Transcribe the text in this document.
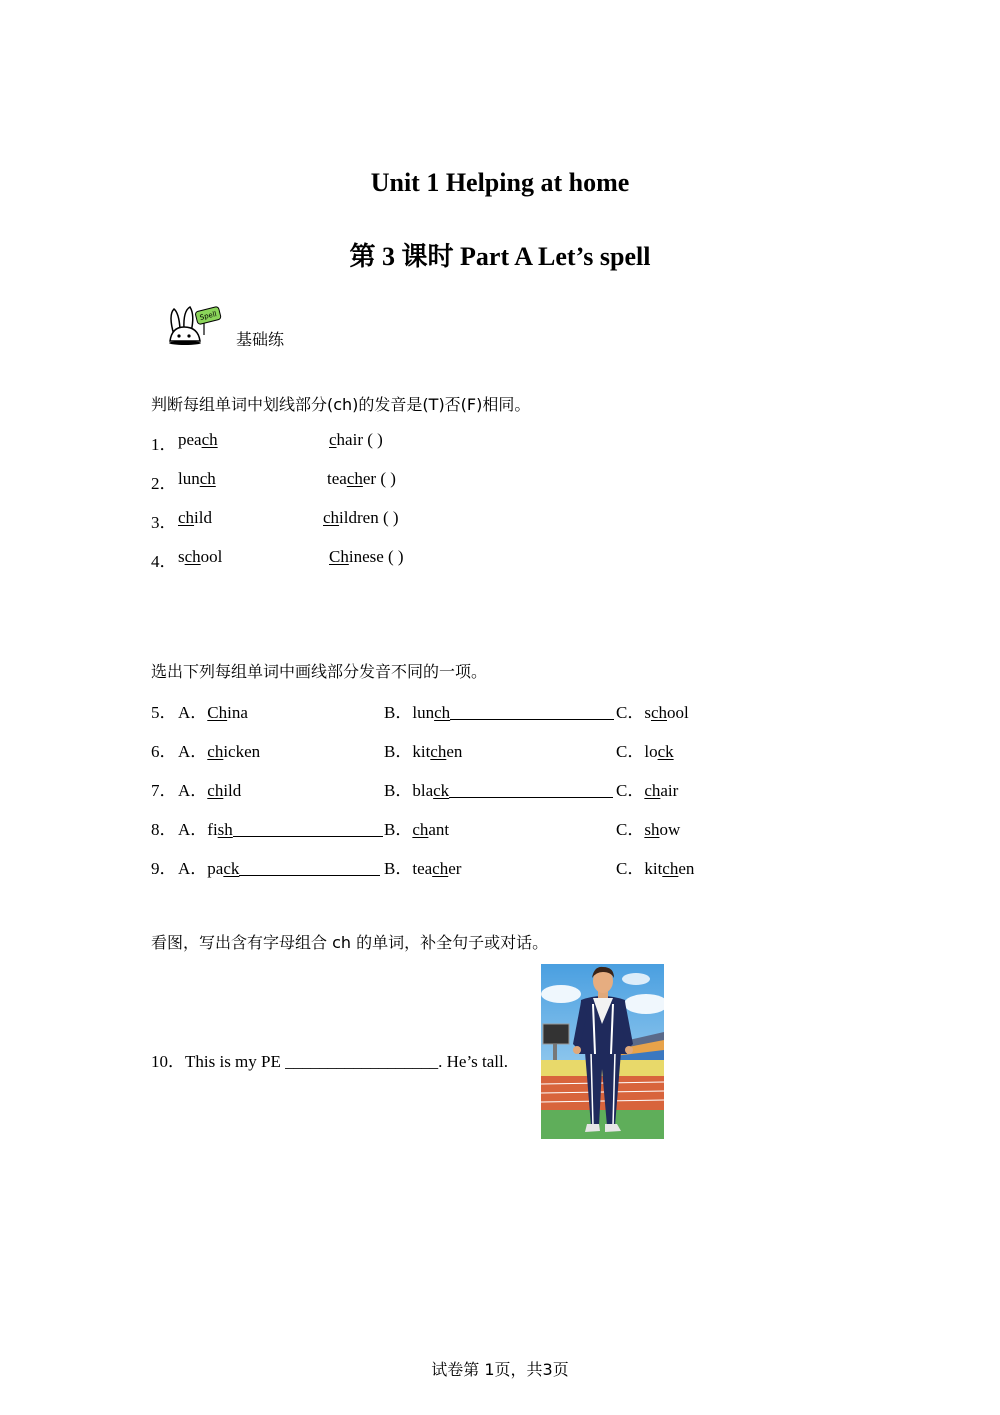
Unit 1 Helping at home
第 3 课时 Part A Let’s spell
Spell
基础练
判断每组单词中划线部分(ch)的发音是(T)否(F)相同。
1． peach	chair ( )
2． lunch	teacher ( )
3． child	children ( )
4． school	Chinese ( )
选出下列每组单词中画线部分发音不同的一项。
5． A．China	B．lunch	C．school
6． A．chicken	B．kitchen	C．lock
7． A．child	B．black	C．chair
8． A．fish	B．chant	C．show
9． A．pack	B．teacher	C．kitchen
看图，写出含有字母组合 ch 的单词，补全句子或对话。
10．This is my PE __________________. He’s tall.
试卷第 1页，共3页
